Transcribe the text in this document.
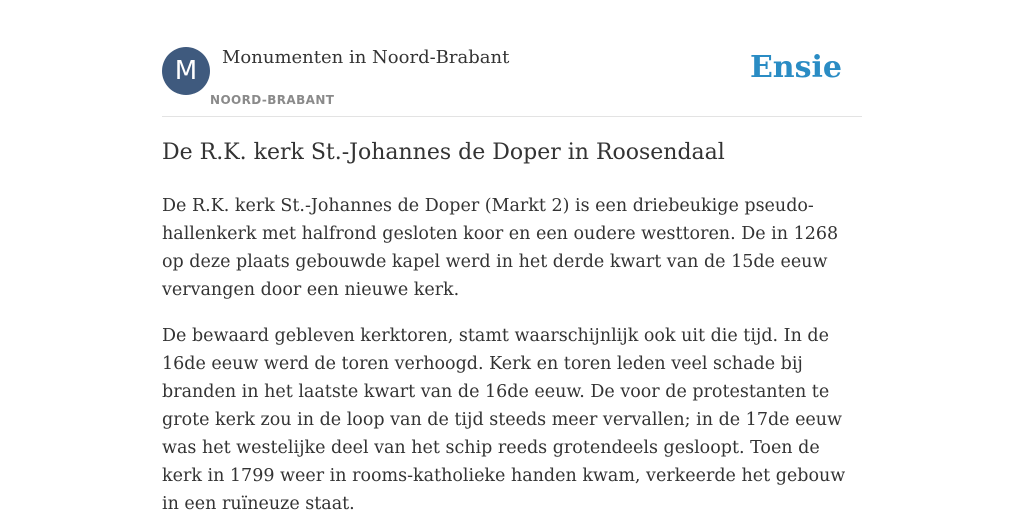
M	Monumenten in Noord-Brabant
NOORD-BRABANT
Ensie
De R.K. kerk St.-Johannes de Doper in Roosendaal

De R.K. kerk St.-Johannes de Doper (Markt 2) is een driebeukige pseudo-hallenkerk met halfrond gesloten koor en een oudere westtoren. De in 1268 op deze plaats gebouwde kapel werd in het derde kwart van de 15de eeuw vervangen door een nieuwe kerk.

De bewaard gebleven kerktoren, stamt waarschijnlijk ook uit die tijd. In de 16de eeuw werd de toren verhoogd. Kerk en toren leden veel schade bij branden in het laatste kwart van de 16de eeuw. De voor de protestanten te grote kerk zou in de loop van de tijd steeds meer vervallen; in de 17de eeuw was het westelijke deel van het schip reeds grotendeels gesloopt. Toen de kerk in 1799 weer in rooms-katholieke handen kwam, verkeerde het gebouw in een ruïneuze staat.
